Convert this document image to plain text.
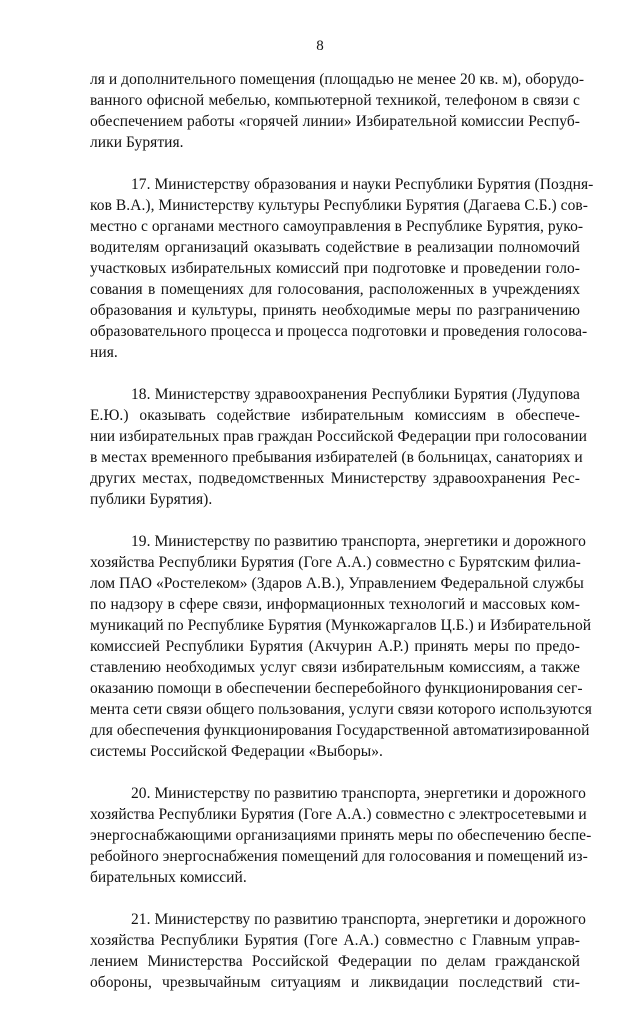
8
ля и дополнительного помещения (площадью не менее 20 кв. м), оборудо-
ванного офисной мебелью, компьютерной техникой, телефоном в связи с
обеспечением работы «горячей линии» Избирательной комиссии Респуб-
лики Бурятия.
17. Министерству образования и науки Республики Бурятия (Поздня-
ков В.А.), Министерству культуры Республики Бурятия (Дагаева С.Б.) сов-
местно с органами местного самоуправления в Республике Бурятия, руко-
водителям организаций оказывать содействие в реализации полномочий
участковых избирательных комиссий при подготовке и проведении голо-
сования в помещениях для голосования, расположенных в учреждениях
образования и культуры, принять необходимые меры по разграничению
образовательного процесса и процесса подготовки и проведения голосова-
ния.
18. Министерству здравоохранения Республики Бурятия (Лудупова
Е.Ю.) оказывать содействие избирательным комиссиям в обеспече-
нии избирательных прав граждан Российской Федерации при голосовании
в местах временного пребывания избирателей (в больницах, санаториях и
других местах, подведомственных Министерству здравоохранения Рес-
публики Бурятия).
19. Министерству по развитию транспорта, энергетики и дорожного
хозяйства Республики Бурятия (Гоге А.А.) совместно с Бурятским филиа-
лом ПАО «Ростелеком» (Здаров А.В.), Управлением Федеральной службы
по надзору в сфере связи, информационных технологий и массовых ком-
муникаций по Республике Бурятия (Мункожаргалов Ц.Б.) и Избирательной
комиссией Республики Бурятия (Акчурин А.Р.) принять меры по предо-
ставлению необходимых услуг связи избирательным комиссиям, а также
оказанию помощи в обеспечении бесперебойного функционирования сег-
мента сети связи общего пользования, услуги связи которого используются
для обеспечения функционирования Государственной автоматизированной
системы Российской Федерации «Выборы».
20. Министерству по развитию транспорта, энергетики и дорожного
хозяйства Республики Бурятия (Гоге А.А.) совместно с электросетевыми и
энергоснабжающими организациями принять меры по обеспечению беспе-
ребойного энергоснабжения помещений для голосования и помещений из-
бирательных комиссий.
21. Министерству по развитию транспорта, энергетики и дорожного
хозяйства Республики Бурятия (Гоге А.А.) совместно с Главным управ-
лением Министерства Российской Федерации по делам гражданской
обороны, чрезвычайным ситуациям и ликвидации последствий сти-
